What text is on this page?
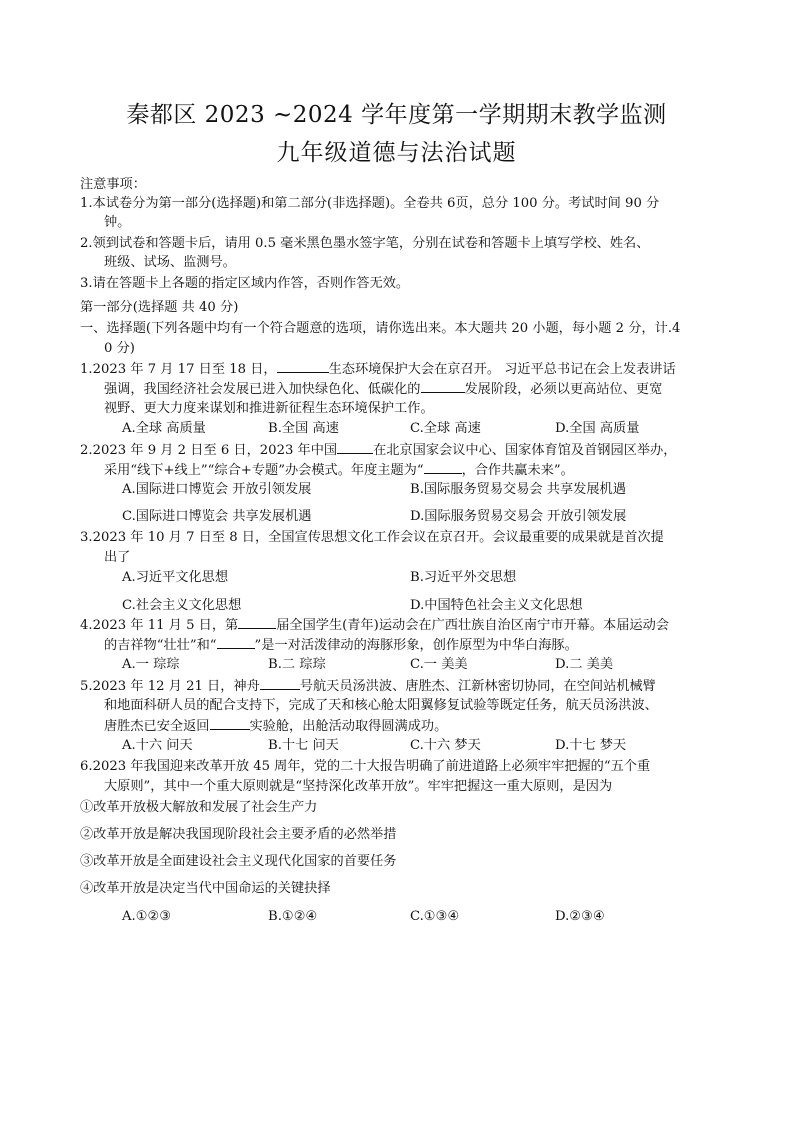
秦都区 2023 ~2024 学年度第一学期期末教学监测
九年级道德与法治试题
注意事项：
1.本试卷分为第一部分(选择题)和第二部分(非选择题)。全卷共 6页，总分 100 分。考试时间 90 分
钟。
2.领到试卷和答题卡后，请用 0.5 毫米黑色墨水签字笔，分别在试卷和答题卡上填写学校、姓名、
班级、试场、监测号。
3.请在答题卡上各题的指定区域内作答，否则作答无效。
第一部分(选择题 共 40 分)
一、选择题(下列各题中均有一个符合题意的选项，请你选出来。本大题共 20 小题，每小题 2 分，计.4
0 分)
1.2023 年 7 月 17 日至 18 日，	生态环境保护大会在京召开。 习近平总书记在会上发表讲话
强调，我国经济社会发展已进入加快绿色化、低碳化的	发展阶段，必须以更高站位、更宽
视野、更大力度来谋划和推进新征程生态环境保护工作。
A.全球 高质量	B.全国 高速	C.全球 高速	D.全国 高质量
2.2023 年 9 月 2 日至 6 日，2023 年中国	在北京国家会议中心、国家体育馆及首钢园区举办，
采用“线下+线上”“综合+专题”办会模式。年度主题为“	，合作共赢未来”。
A.国际进口博览会 开放引领发展	B.国际服务贸易交易会 共享发展机遇
C.国际进口博览会 共享发展机遇	D.国际服务贸易交易会 开放引领发展
3.2023 年 10 月 7 日至 8 日，全国宣传思想文化工作会议在京召开。会议最重要的成果就是首次提
出了
A.习近平文化思想	B.习近平外交思想
C.社会主义文化思想	D.中国特色社会主义文化思想
4.2023 年 11 月 5 日，第	届全国学生(青年)运动会在广西壮族自治区南宁市开幕。本届运动会
的吉祥物“壮壮”和“	”是一对活泼律动的海豚形象，创作原型为中华白海豚。
A.一 琮琮	B.二 琮琮	C.一 美美	D.二 美美
5.2023 年 12 月 21 日，神舟	号航天员汤洪波、唐胜杰、江新林密切协同，在空间站机械臂
和地面科研人员的配合支持下，完成了天和核心舱太阳翼修复试验等既定任务，航天员汤洪波、
唐胜杰已安全返回	实验舱，出舱活动取得圆满成功。
A.十六 问天	B.十七 问天	C.十六 梦天	D.十七 梦天
6.2023 年我国迎来改革开放 45 周年，党的二十大报告明确了前进道路上必须牢牢把握的“五个重
大原则”，其中一个重大原则就是“坚持深化改革开放”。牢牢把握这一重大原则，是因为
①改革开放极大解放和发展了社会生产力
②改革开放是解决我国现阶段社会主要矛盾的必然举措
③改革开放是全面建设社会主义现代化国家的首要任务
④改革开放是决定当代中国命运的关键抉择
A.①②③	B.①②④	C.①③④	D.②③④
